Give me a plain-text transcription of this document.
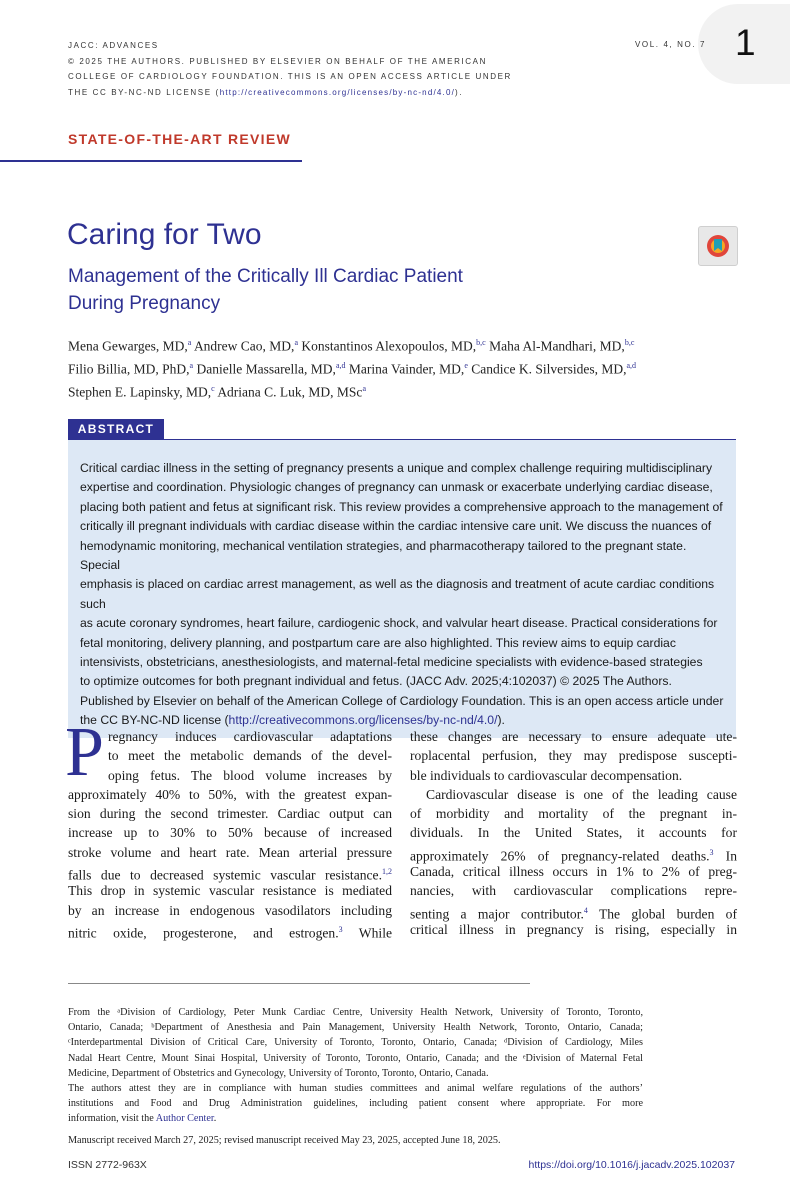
1
VOL. 4, NO. 7
JACC: ADVANCES
© 2025 THE AUTHORS. PUBLISHED BY ELSEVIER ON BEHALF OF THE AMERICAN
COLLEGE OF CARDIOLOGY FOUNDATION. THIS IS AN OPEN ACCESS ARTICLE UNDER
THE CC BY-NC-ND LICENSE (http://creativecommons.org/licenses/by-nc-nd/4.0/).
STATE-OF-THE-ART REVIEW
Caring for Two
Management of the Critically Ill Cardiac Patient
During Pregnancy
Mena Gewarges, MD,$^a$ Andrew Cao, MD,$^a$ Konstantinos Alexopoulos, MD,$^{b,c}$ Maha Al-Mandhari, MD,$^{b,c}$
Filio Billia, MD, PhD,$^a$ Danielle Massarella, MD,$^{a,d}$ Marina Vainder, MD,$^e$ Candice K. Silversides, MD,$^{a,d}$
Stephen E. Lapinsky, MD,$^c$ Adriana C. Luk, MD, MSc$^a$
ABSTRACT
Critical cardiac illness in the setting of pregnancy presents a unique and complex challenge requiring multidisciplinary
expertise and coordination. Physiologic changes of pregnancy can unmask or exacerbate underlying cardiac disease,
placing both patient and fetus at significant risk. This review provides a comprehensive approach to the management of
critically ill pregnant individuals with cardiac disease within the cardiac intensive care unit. We discuss the nuances of
hemodynamic monitoring, mechanical ventilation strategies, and pharmacotherapy tailored to the pregnant state. Special
emphasis is placed on cardiac arrest management, as well as the diagnosis and treatment of acute cardiac conditions such
as acute coronary syndromes, heart failure, cardiogenic shock, and valvular heart disease. Practical considerations for
fetal monitoring, delivery planning, and postpartum care are also highlighted. This review aims to equip cardiac
intensivists, obstetricians, anesthesiologists, and maternal-fetal medicine specialists with evidence-based strategies
to optimize outcomes for both pregnant individual and fetus. (JACC Adv. 2025;4:102037) © 2025 The Authors.
Published by Elsevier on behalf of the American College of Cardiology Foundation. This is an open access article under
the CC BY-NC-ND license (http://creativecommons.org/licenses/by-nc-nd/4.0/).
P regnancy induces cardiovascular adaptations
to meet the metabolic demands of the devel-
oping fetus. The blood volume increases by
approximately 40% to 50%, with the greatest expan-
sion during the second trimester. Cardiac output can
increase up to 30% to 50% because of increased
stroke volume and heart rate. Mean arterial pressure
falls due to decreased systemic vascular resistance.$^{1,2}$
This drop in systemic vascular resistance is mediated
by an increase in endogenous vasodilators including
nitric oxide, progesterone, and estrogen.$^3$ While
these changes are necessary to ensure adequate ute-
roplacental perfusion, they may predispose suscepti-
ble individuals to cardiovascular decompensation.
Cardiovascular disease is one of the leading cause
of morbidity and mortality of the pregnant in-
dividuals. In the United States, it accounts for
approximately 26% of pregnancy-related deaths.$^3$ In
Canada, critical illness occurs in 1% to 2% of preg-
nancies, with cardiovascular complications repre-
senting a major contributor.$^4$ The global burden of
critical illness in pregnancy is rising, especially in
From the ᵃDivision of Cardiology, Peter Munk Cardiac Centre, University Health Network, University of Toronto, Toronto,
Ontario, Canada; ᵇDepartment of Anesthesia and Pain Management, University Health Network, Toronto, Ontario, Canada;
ᶜInterdepartmental Division of Critical Care, University of Toronto, Toronto, Ontario, Canada; ᵈDivision of Cardiology, Miles
Nadal Heart Centre, Mount Sinai Hospital, University of Toronto, Toronto, Ontario, Canada; and the ᵉDivision of Maternal Fetal
Medicine, Department of Obstetrics and Gynecology, University of Toronto, Toronto, Ontario, Canada.
The authors attest they are in compliance with human studies committees and animal welfare regulations of the authors’
institutions and Food and Drug Administration guidelines, including patient consent where appropriate. For more
information, visit the Author Center.
Manuscript received March 27, 2025; revised manuscript received May 23, 2025, accepted June 18, 2025.
ISSN 2772-963X	https://doi.org/10.1016/j.jacadv.2025.102037
